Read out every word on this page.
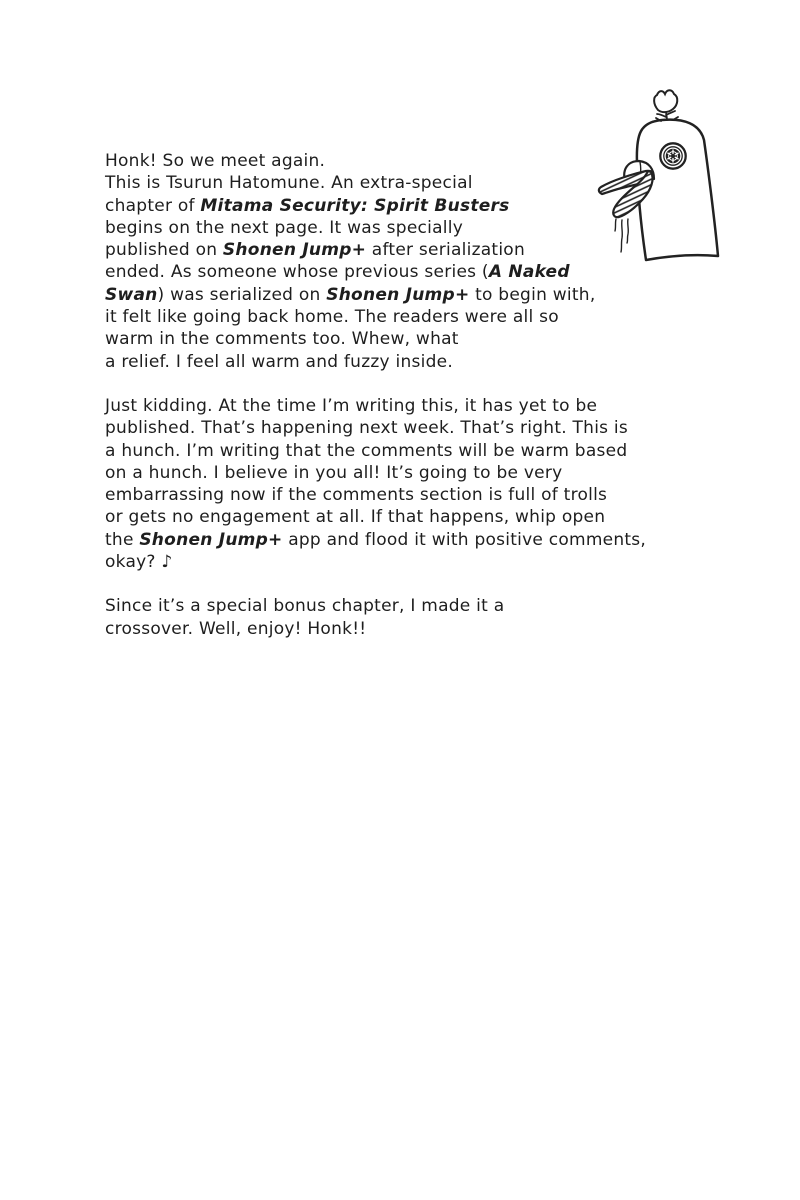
Honk! So we meet again.
This is Tsurun Hatomune. An extra-special
chapter of Mitama Security: Spirit Busters
begins on the next page. It was specially
published on Shonen Jump+ after serialization
ended. As someone whose previous series (A Naked
Swan) was serialized on Shonen Jump+ to begin with,
it felt like going back home. The readers were all so
warm in the comments too. Whew, what
a relief. I feel all warm and fuzzy inside.
Just kidding. At the time I’m writing this, it has yet to be
published. That’s happening next week. That’s right. This is
a hunch. I’m writing that the comments will be warm based
on a hunch. I believe in you all! It’s going to be very
embarrassing now if the comments section is full of trolls
or gets no engagement at all. If that happens, whip open
the Shonen Jump+ app and flood it with positive comments,
okay? ♪
Since it’s a special bonus chapter, I made it a
crossover. Well, enjoy! Honk!!
